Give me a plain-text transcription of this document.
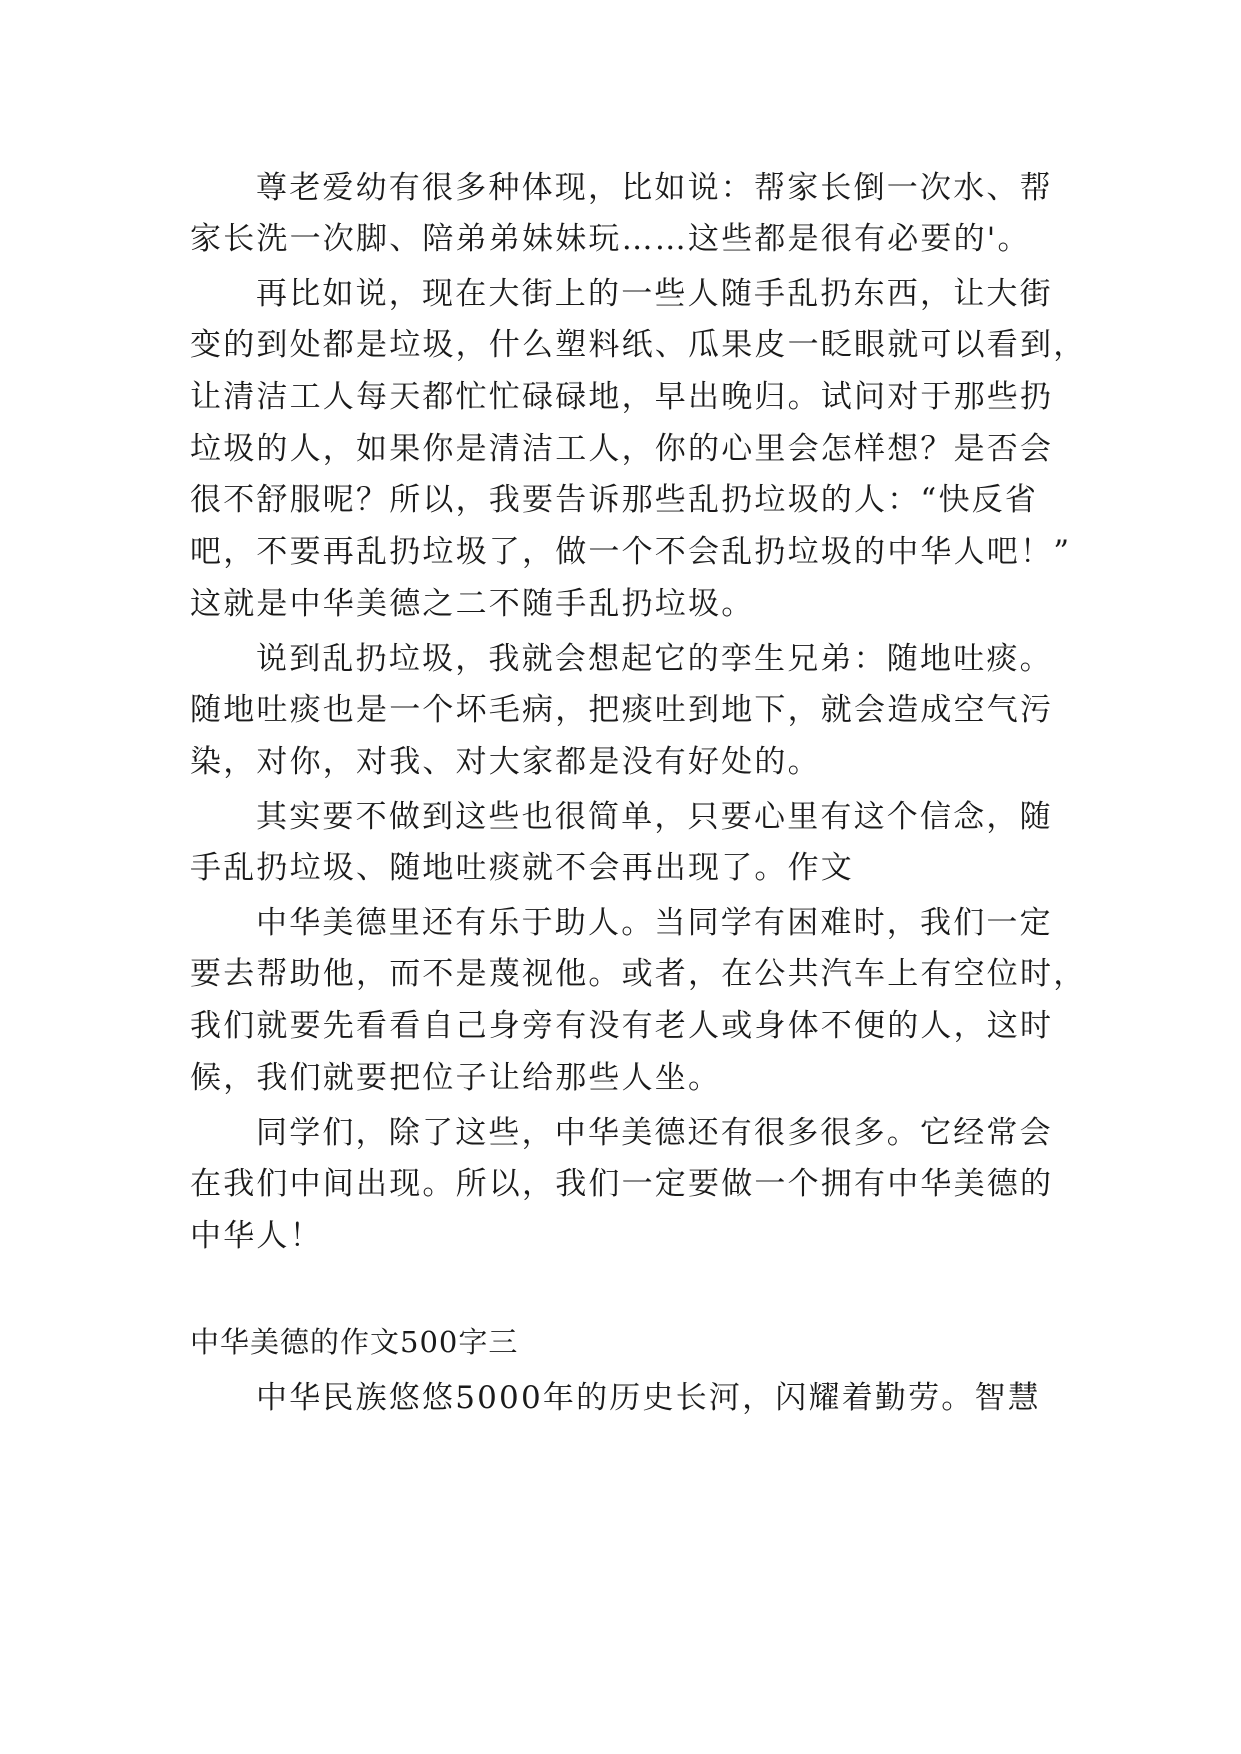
尊老爱幼有很多种体现，比如说：帮家长倒一次水、帮
家长洗一次脚、陪弟弟妹妹玩……这些都是很有必要的'。
再比如说，现在大街上的一些人随手乱扔东西，让大街
变的到处都是垃圾，什么塑料纸、瓜果皮一眨眼就可以看到，
让清洁工人每天都忙忙碌碌地，早出晚归。试问对于那些扔
垃圾的人，如果你是清洁工人，你的心里会怎样想？是否会
很不舒服呢？所以，我要告诉那些乱扔垃圾的人：“快反省
吧，不要再乱扔垃圾了，做一个不会乱扔垃圾的中华人吧！”
这就是中华美德之二不随手乱扔垃圾。
说到乱扔垃圾，我就会想起它的孪生兄弟：随地吐痰。
随地吐痰也是一个坏毛病，把痰吐到地下，就会造成空气污
染，对你，对我、对大家都是没有好处的。
其实要不做到这些也很简单，只要心里有这个信念，随
手乱扔垃圾、随地吐痰就不会再出现了。作文
中华美德里还有乐于助人。当同学有困难时，我们一定
要去帮助他，而不是蔑视他。或者，在公共汽车上有空位时，
我们就要先看看自己身旁有没有老人或身体不便的人，这时
候，我们就要把位子让给那些人坐。
同学们，除了这些，中华美德还有很多很多。它经常会
在我们中间出现。所以，我们一定要做一个拥有中华美德的
中华人！
中华美德的作文500字三
中华民族悠悠5000年的历史长河，闪耀着勤劳。智慧
